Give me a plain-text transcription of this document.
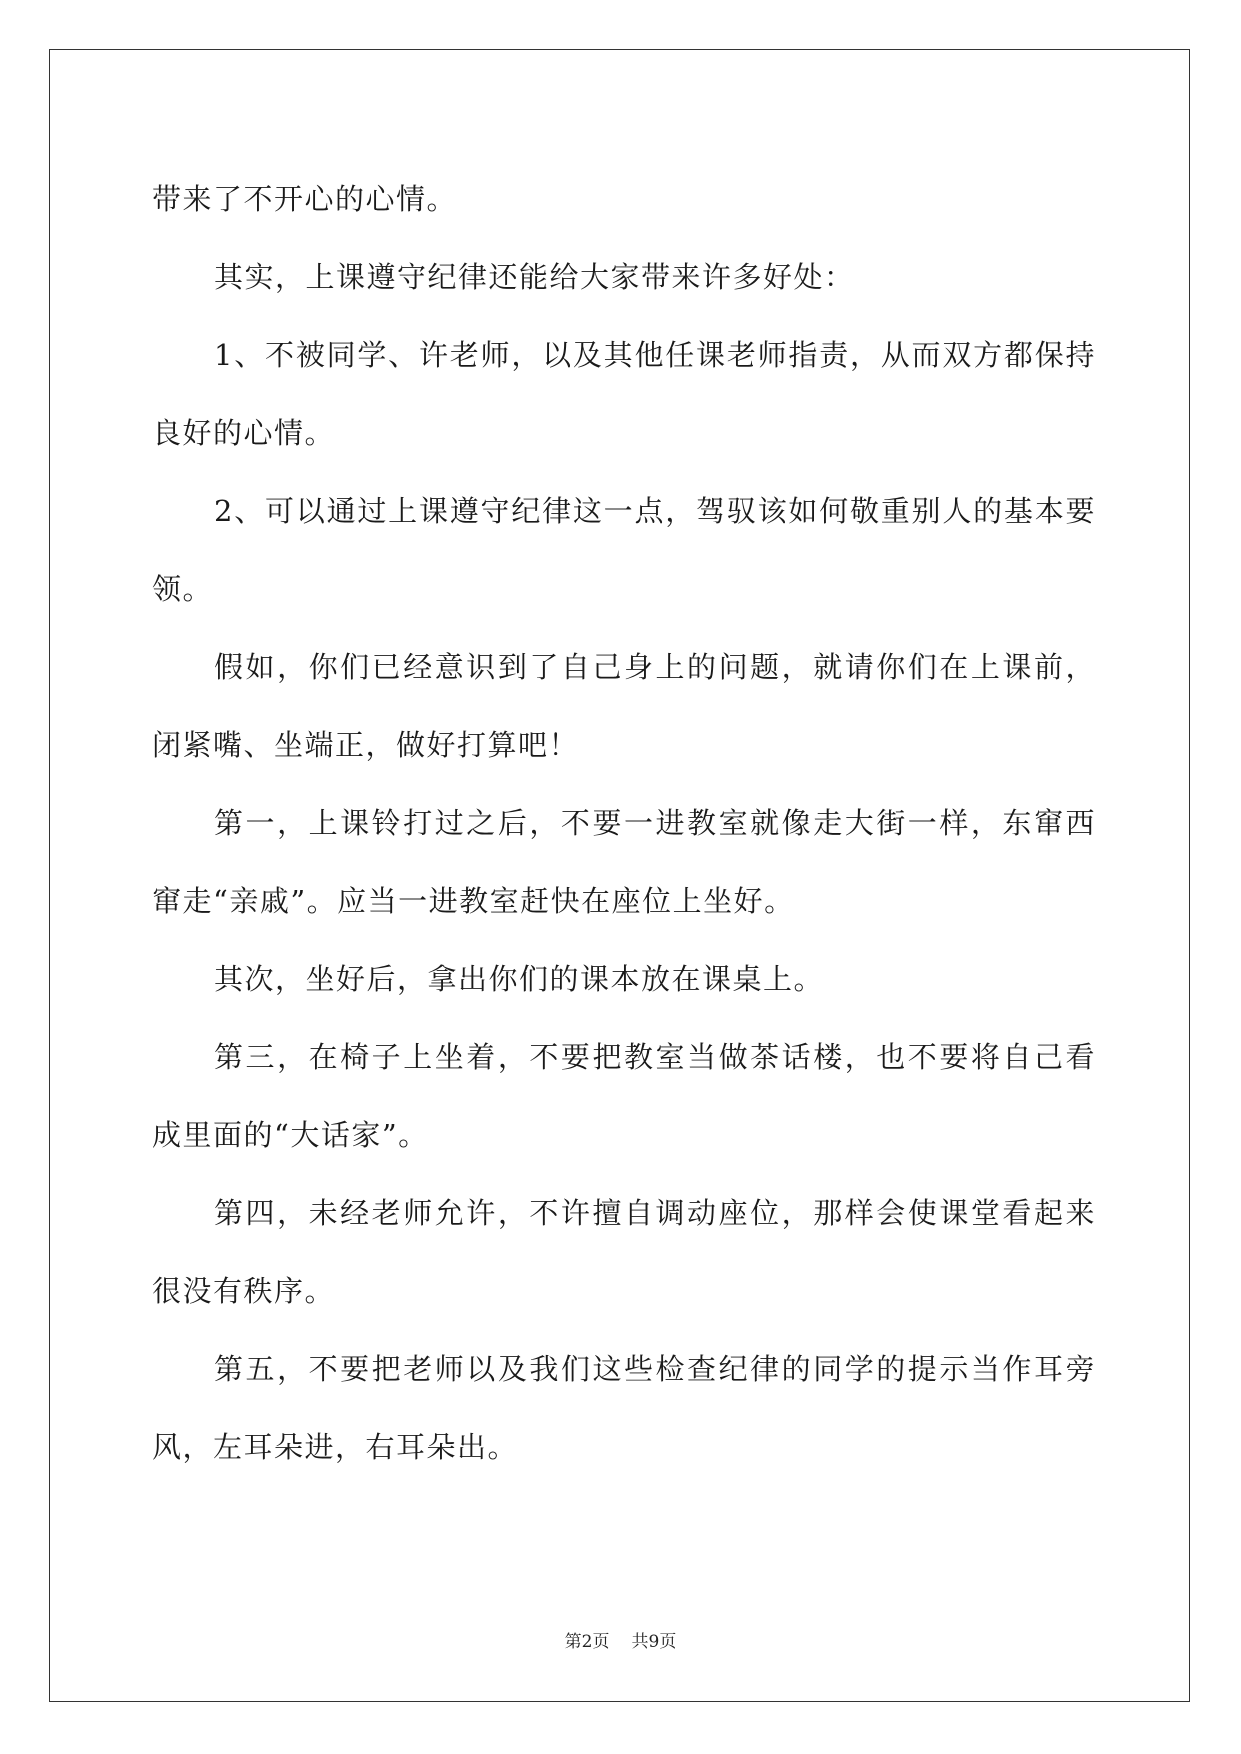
带来了不开心的心情。

其实，上课遵守纪律还能给大家带来许多好处：

1、不被同学、许老师，以及其他任课老师指责，从而双方都保持良好的心情。

2、可以通过上课遵守纪律这一点，驾驭该如何敬重别人的基本要领。

假如，你们已经意识到了自己身上的问题，就请你们在上课前，闭紧嘴、坐端正，做好打算吧！

第一，上课铃打过之后，不要一进教室就像走大街一样，东窜西窜走“亲戚”。应当一进教室赶快在座位上坐好。

其次，坐好后，拿出你们的课本放在课桌上。

第三，在椅子上坐着，不要把教室当做茶话楼，也不要将自己看成里面的“大话家”。

第四，未经老师允许，不许擅自调动座位，那样会使课堂看起来很没有秩序。

第五，不要把老师以及我们这些检查纪律的同学的提示当作耳旁风，左耳朵进，右耳朵出。

第2页 共9页
